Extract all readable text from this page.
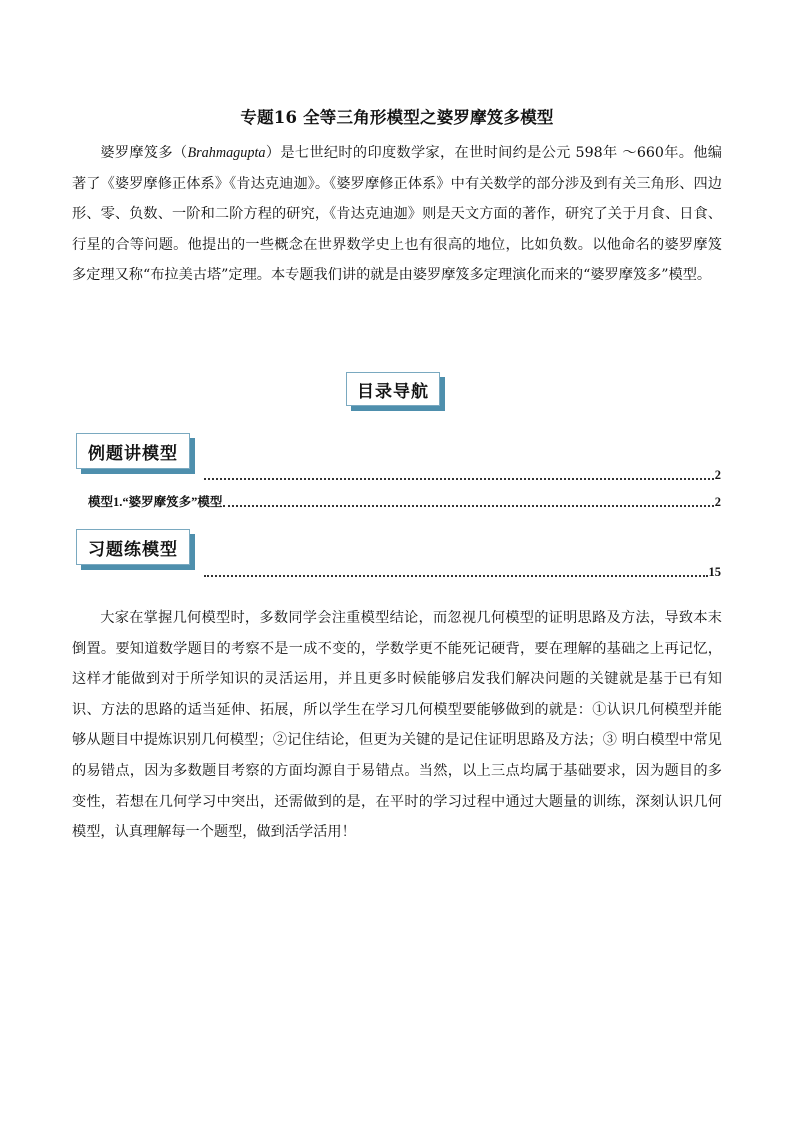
专题16 全等三角形模型之婆罗摩笈多模型
婆罗摩笈多（Brahmagupta）是七世纪时的印度数学家，在世时间约是公元 598年 ～660年。他编著了《婆罗摩修正体系》《肯达克迪迦》。《婆罗摩修正体系》中有关数学的部分涉及到有关三角形、四边形、零、负数、一阶和二阶方程的研究，《肯达克迪迦》则是天文方面的著作，研究了关于月食、日食、行星的合等问题。他提出的一些概念在世界数学史上也有很高的地位，比如负数。以他命名的婆罗摩笈多定理又称“布拉美古塔”定理。本专题我们讲的就是由婆罗摩笈多定理演化而来的“婆罗摩笈多”模型。
目录导航
例题讲模型
2
模型1.“婆罗摩笈多”模型	2
习题练模型
15
大家在掌握几何模型时，多数同学会注重模型结论，而忽视几何模型的证明思路及方法，导致本末倒置。要知道数学题目的考察不是一成不变的，学数学更不能死记硬背，要在理解的基础之上再记忆，这样才能做到对于所学知识的灵活运用，并且更多时候能够启发我们解决问题的关键就是基于已有知识、方法的思路的适当延伸、拓展，所以学生在学习几何模型要能够做到的就是：①认识几何模型并能够从题目中提炼识别几何模型；②记住结论，但更为关键的是记住证明思路及方法；③ 明白模型中常见的易错点，因为多数题目考察的方面均源自于易错点。当然，以上三点均属于基础要求，因为题目的多变性，若想在几何学习中突出，还需做到的是，在平时的学习过程中通过大题量的训练，深刻认识几何模型，认真理解每一个题型，做到活学活用！
